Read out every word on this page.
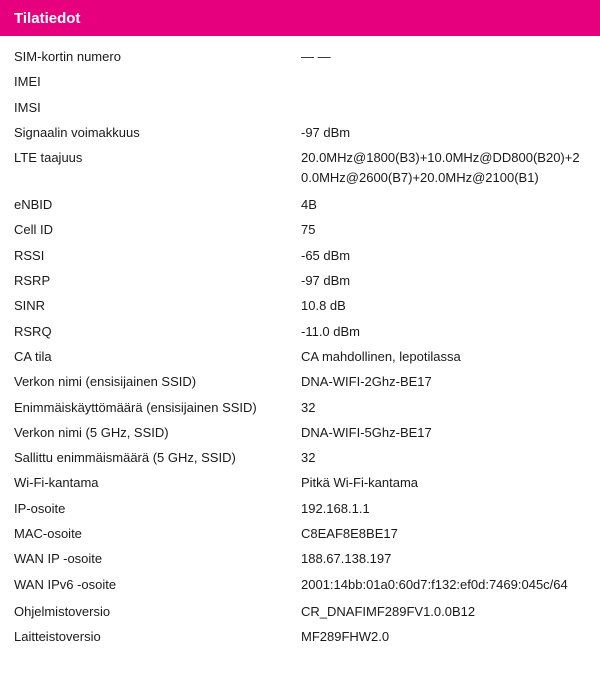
Tilatiedot
SIM-kortin numero	— —
IMEI
IMSI
Signaalin voimakkuus	-97 dBm
LTE taajuus	20.0MHz@1800(B3)+10.0MHz@DD800(B20)+20.0MHz@2600(B7)+20.0MHz@2100(B1)
eNBID	4B
Cell ID	75
RSSI	-65 dBm
RSRP	-97 dBm
SINR	10.8 dB
RSRQ	-11.0 dBm
CA tila	CA mahdollinen, lepotilassa
Verkon nimi (ensisijainen SSID)	DNA-WIFI-2Ghz-BE17
Enimmäiskäyttömäärä (ensisijainen SSID)	32
Verkon nimi (5 GHz, SSID)	DNA-WIFI-5Ghz-BE17
Sallittu enimmäismäärä (5 GHz, SSID)	32
Wi-Fi-kantama	Pitkä Wi-Fi-kantama
IP-osoite	192.168.1.1
MAC-osoite	C8EAF8E8BE17
WAN IP -osoite	188.67.138.197
WAN IPv6 -osoite	2001:14bb:01a0:60d7:f132:ef0d:7469:045c/64
Ohjelmistoversio	CR_DNAFIMF289FV1.0.0B12
Laitteistoversio	MF289FHW2.0
